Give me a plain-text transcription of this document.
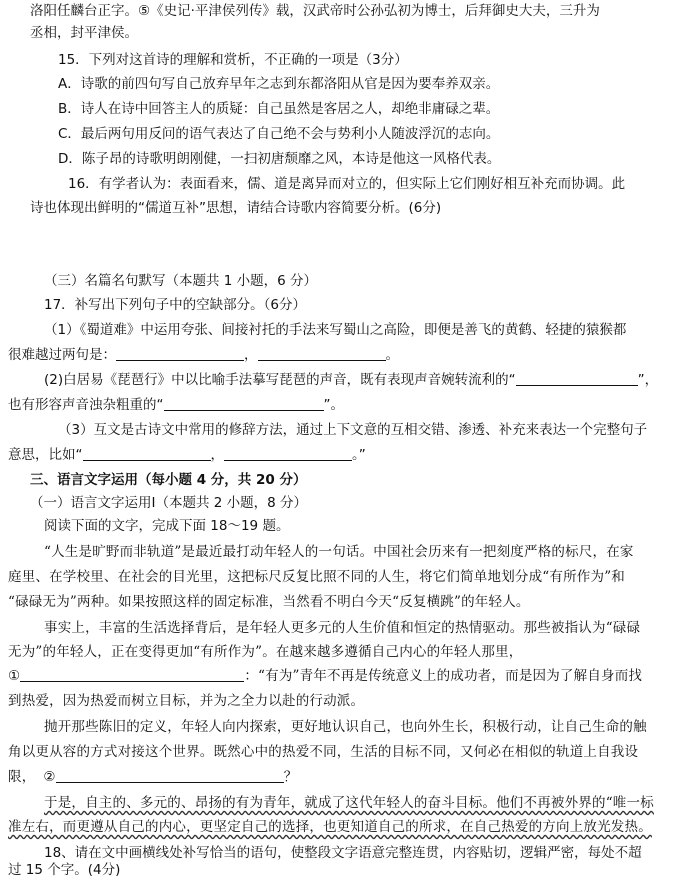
洛阳任麟台正字。⑤《史记·平津侯列传》载，汉武帝时公孙弘初为博士，后拜御史大夫，三升为
丞相，封平津侯。
15．下列对这首诗的理解和赏析，不正确的一项是（3分）
A．诗歌的前四句写自己放弃早年之志到东都洛阳从官是因为要奉养双亲。
B．诗人在诗中回答主人的质疑：自己虽然是客居之人，却绝非庸碌之辈。
C．最后两句用反问的语气表达了自己绝不会与势利小人随波浮沉的志向。
D．陈子昂的诗歌明朗刚健，一扫初唐颓靡之风，本诗是他这一风格代表。
16．有学者认为：表面看来，儒、道是离异而对立的，但实际上它们刚好相互补充而协调。此
诗也体现出鲜明的“儒道互补”思想，请结合诗歌内容简要分析。(6分)
（三）名篇名句默写（本题共 1 小题，6 分）
17．补写出下列句子中的空缺部分。（6分）
（1）《蜀道难》中运用夸张、间接衬托的手法来写蜀山之高险，即便是善飞的黄鹤、轻捷的猿猴都
很难越过两句是：	，	。
(2)白居易《琵琶行》中以比喻手法摹写琵琶的声音，既有表现声音婉转流利的“	”，
也有形容声音浊杂粗重的“	”。
（3）互文是古诗文中常用的修辞方法，通过上下文意的互相交错、渗透、补充来表达一个完整句子
意思，比如“	，	。”
三、语言文字运用（每小题 4 分，共 20 分）
（一）语言文字运用Ⅰ（本题共 2 小题，8 分）
阅读下面的文字，完成下面 18～19 题。
“人生是旷野而非轨道”是最近最打动年轻人的一句话。中国社会历来有一把刻度严格的标尺，在家
庭里、在学校里、在社会的目光里，这把标尺反复比照不同的人生，将它们简单地划分成“有所作为”和
“碌碌无为”两种。如果按照这样的固定标准，当然看不明白今天“反复横跳”的年轻人。
事实上，丰富的生活选择背后，是年轻人更多元的人生价值和恒定的热情驱动。那些被指认为“碌碌
无为”的年轻人，正在变得更加“有所作为”。在越来越多遵循自己内心的年轻人那里，
①	：“有为”青年不再是传统意义上的成功者，而是因为了解自身而找
到热爱，因为热爱而树立目标，并为之全力以赴的行动派。
抛开那些陈旧的定义，年轻人向内探索，更好地认识自己，也向外生长，积极行动，让自己生命的触
角以更从容的方式对接这个世界。既然心中的热爱不同，生活的目标不同，又何必在相似的轨道上自我设
限， ②	？
于是，自主的、多元的、昂扬的有为青年，就成了这代年轻人的奋斗目标。他们不再被外界的“唯一标
准左右，而更遵从自己的内心，更坚定自己的选择，也更知道自己的所求，在自己热爱的方向上放光发热。
18、请在文中画横线处补写恰当的语句，使整段文字语意完整连贯，内容贴切，逻辑严密，每处不超
过 15 个字。(4分)
